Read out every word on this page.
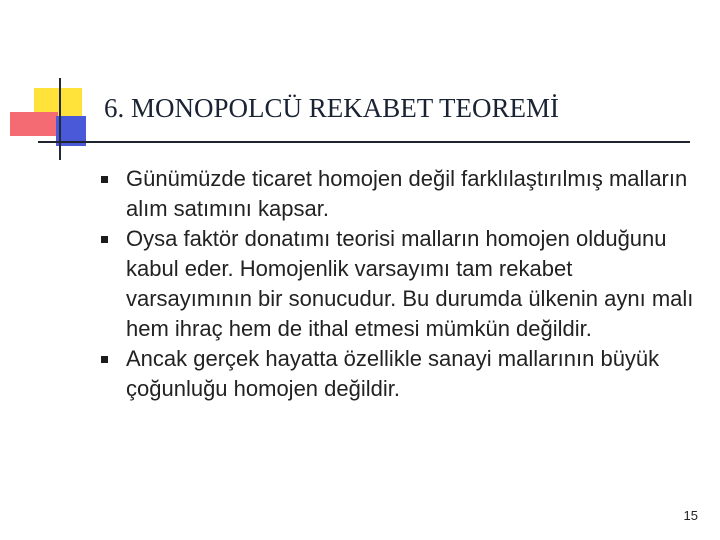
6. MONOPOLCÜ REKABET TEOREMİ
Günümüzde ticaret homojen değil farklılaştırılmış malların alım satımını kapsar.
Oysa faktör donatımı teorisi malların homojen olduğunu kabul eder. Homojenlik varsayımı tam rekabet varsayımının bir sonucudur. Bu durumda ülkenin aynı malı hem ihraç hem de ithal etmesi mümkün değildir.
Ancak gerçek hayatta özellikle sanayi mallarının büyük çoğunluğu homojen değildir.
15
